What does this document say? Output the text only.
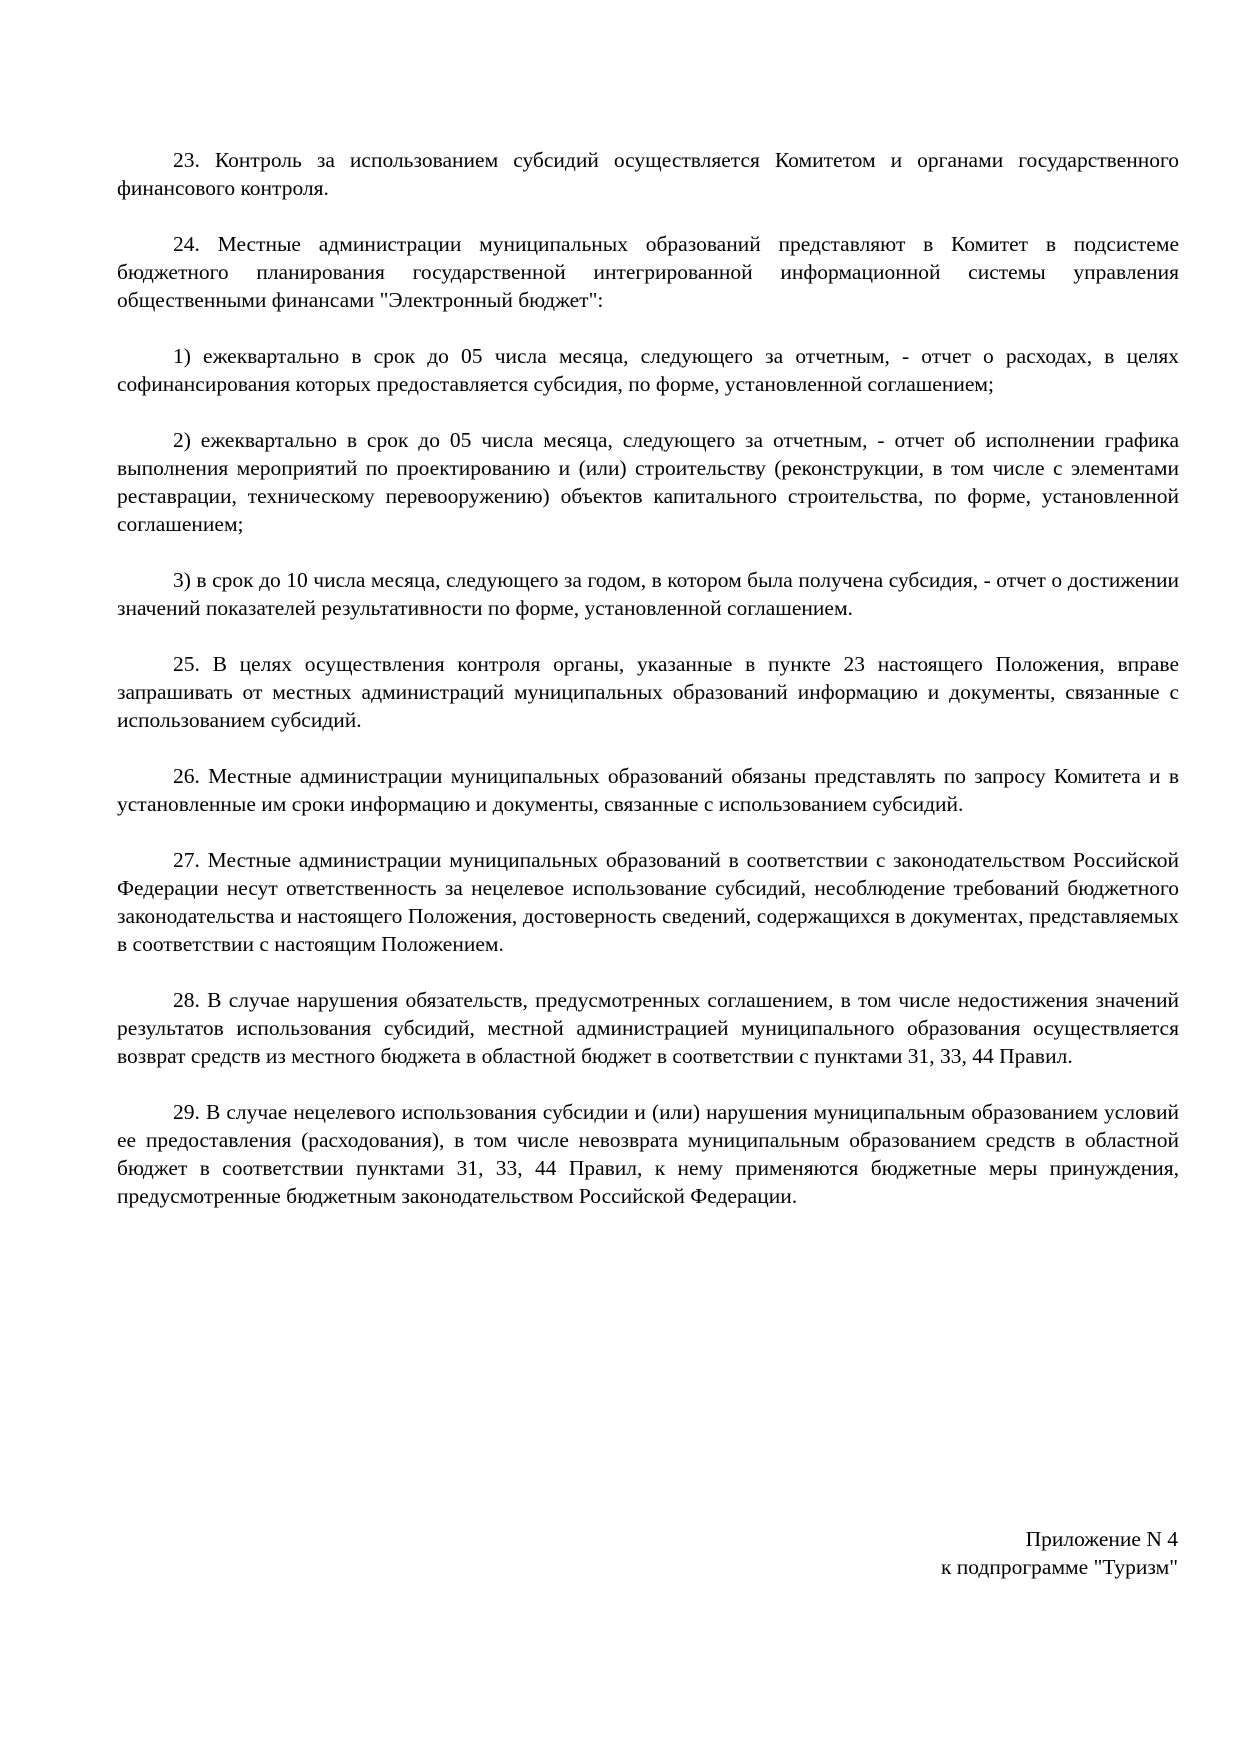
23. Контроль за использованием субсидий осуществляется Комитетом и органами государственного финансового контроля.

24. Местные администрации муниципальных образований представляют в Комитет в подсистеме бюджетного планирования государственной интегрированной информационной системы управления общественными финансами "Электронный бюджет":

1) ежеквартально в срок до 05 числа месяца, следующего за отчетным, - отчет о расходах, в целях софинансирования которых предоставляется субсидия, по форме, установленной соглашением;

2) ежеквартально в срок до 05 числа месяца, следующего за отчетным, - отчет об исполнении графика выполнения мероприятий по проектированию и (или) строительству (реконструкции, в том числе с элементами реставрации, техническому перевооружению) объектов капитального строительства, по форме, установленной соглашением;

3) в срок до 10 числа месяца, следующего за годом, в котором была получена субсидия, - отчет о достижении значений показателей результативности по форме, установленной соглашением.

25. В целях осуществления контроля органы, указанные в пункте 23 настоящего Положения, вправе запрашивать от местных администраций муниципальных образований информацию и документы, связанные с использованием субсидий.

26. Местные администрации муниципальных образований обязаны представлять по запросу Комитета и в установленные им сроки информацию и документы, связанные с использованием субсидий.

27. Местные администрации муниципальных образований в соответствии с законодательством Российской Федерации несут ответственность за нецелевое использование субсидий, несоблюдение требований бюджетного законодательства и настоящего Положения, достоверность сведений, содержащихся в документах, представляемых в соответствии с настоящим Положением.

28. В случае нарушения обязательств, предусмотренных соглашением, в том числе недостижения значений результатов использования субсидий, местной администрацией муниципального образования осуществляется возврат средств из местного бюджета в областной бюджет в соответствии с пунктами 31, 33, 44 Правил.

29. В случае нецелевого использования субсидии и (или) нарушения муниципальным образованием условий ее предоставления (расходования), в том числе невозврата муниципальным образованием средств в областной бюджет в соответствии пунктами 31, 33, 44 Правил, к нему применяются бюджетные меры принуждения, предусмотренные бюджетным законодательством Российской Федерации.

Приложение N 4
к подпрограмме "Туризм"
